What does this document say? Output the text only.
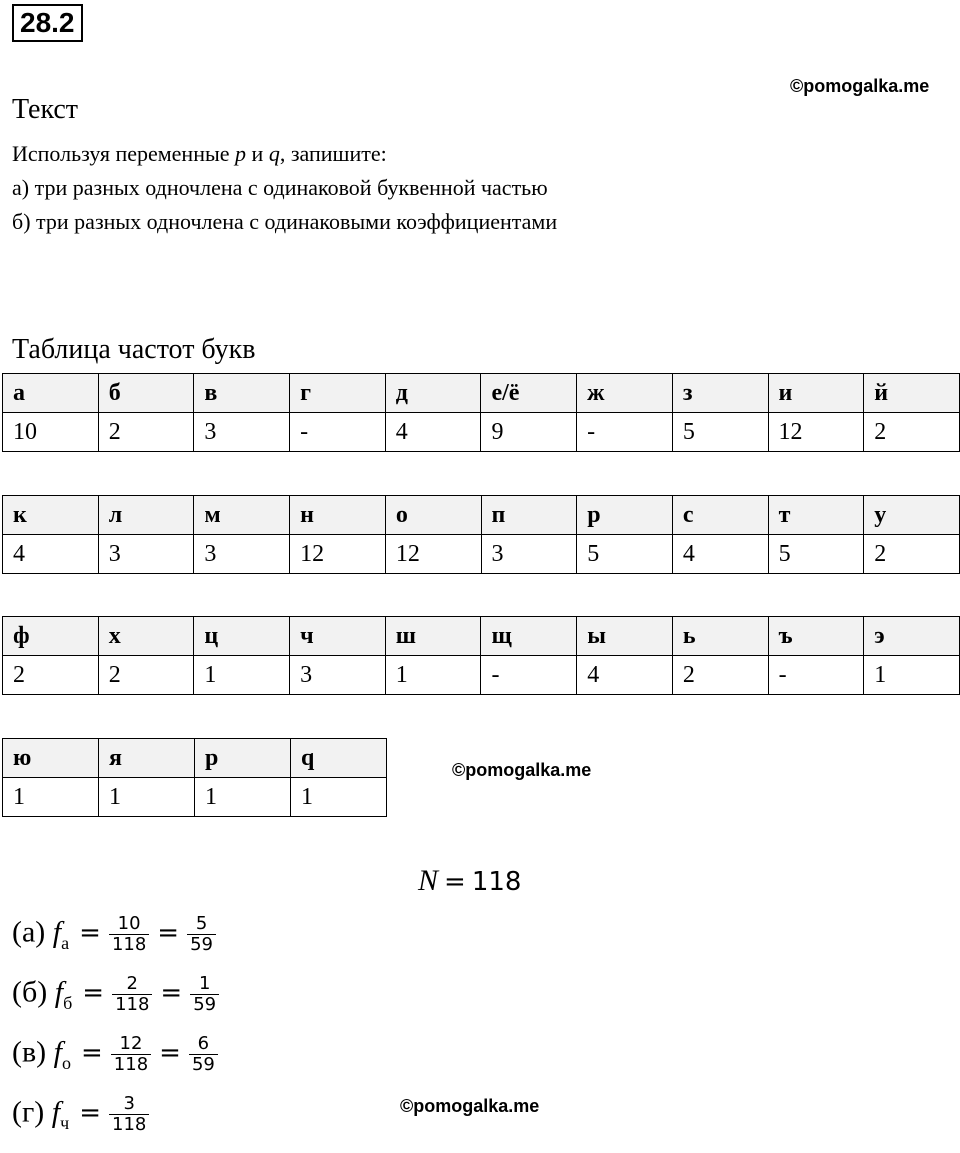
28.2
©pomogalka.me
Текст
Используя переменные p и q, запишите:
а) три разных одночлена с одинаковой буквенной частью
б) три разных одночлена с одинаковыми коэффициентами
Таблица частот букв
а	б	в	г	д	е/ё	ж	з	и	й
10	2	3	-	4	9	-	5	12	2
к	л	м	н	о	п	р	с	т	у
4	3	3	12	12	3	5	4	5	2
ф	х	ц	ч	ш	щ	ы	ь	ъ	э
2	2	1	3	1	-	4	2	-	1
ю	я	p	q
1	1	1	1
©pomogalka.me
N = 118
(а) $f_а = \frac{10}{118} = \frac{5}{59}$
(б) $f_б = \frac{2}{118} = \frac{1}{59}$
(в) $f_о = \frac{12}{118} = \frac{6}{59}$
(г) $f_ч = \frac{3}{118}$	©pomogalka.me
